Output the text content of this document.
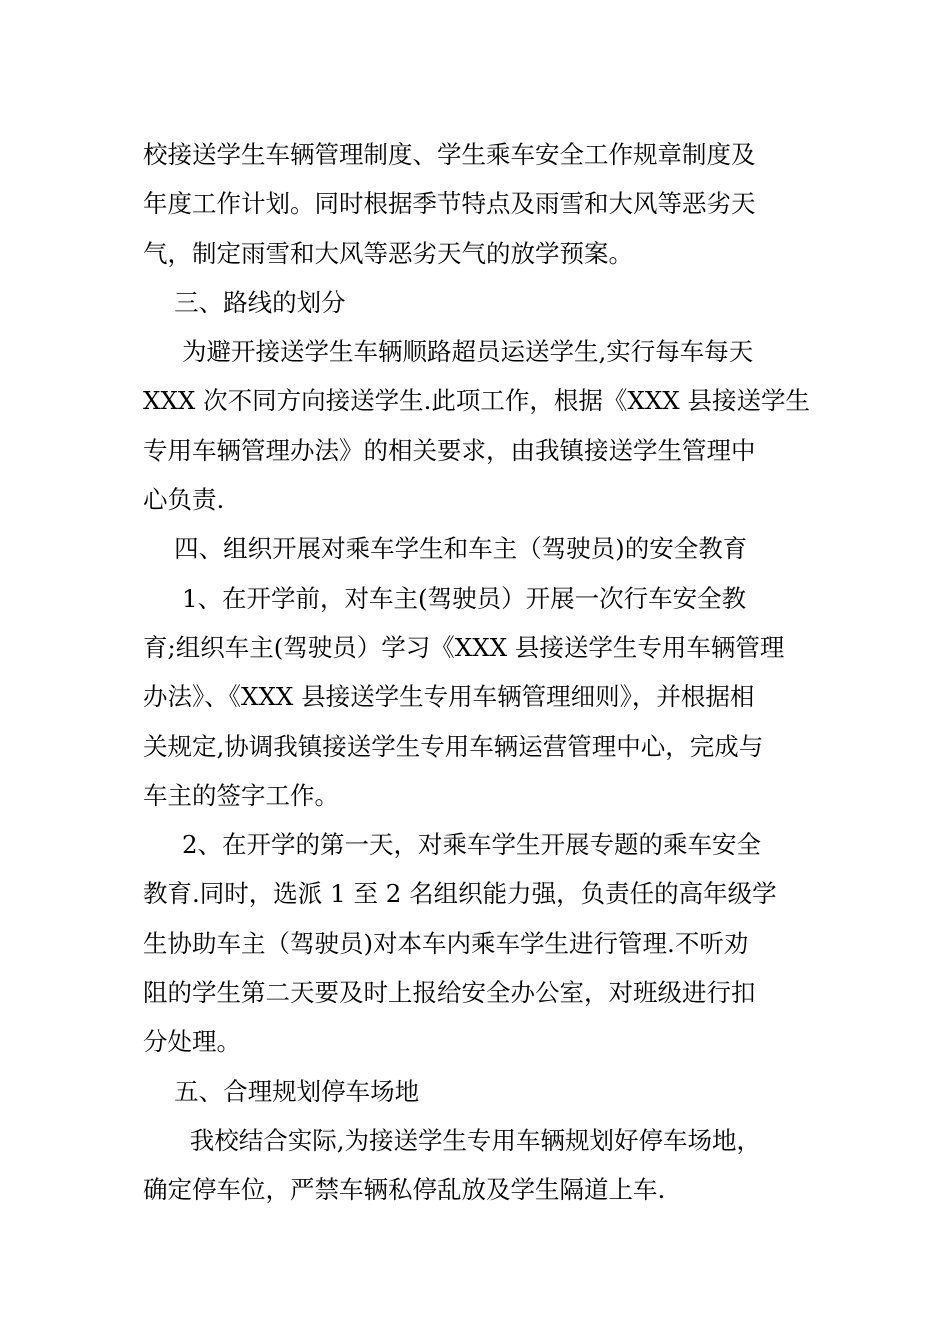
校接送学生车辆管理制度、学生乘车安全工作规章制度及

年度工作计划。同时根据季节特点及雨雪和大风等恶劣天

气，制定雨雪和大风等恶劣天气的放学预案。

三、路线的划分

为避开接送学生车辆顺路超员运送学生,实行每车每天

XXX 次不同方向接送学生.此项工作，根据《XXX 县接送学生

专用车辆管理办法》的相关要求，由我镇接送学生管理中

心负责.

四、组织开展对乘车学生和车主（驾驶员)的安全教育

1、在开学前，对车主(驾驶员）开展一次行车安全教

育;组织车主(驾驶员）学习《XXX 县接送学生专用车辆管理

办法》、《XXX 县接送学生专用车辆管理细则》，并根据相

关规定,协调我镇接送学生专用车辆运营管理中心，完成与

车主的签字工作。

2、在开学的第一天，对乘车学生开展专题的乘车安全

教育.同时，选派 1 至 2 名组织能力强，负责任的高年级学

生协助车主（驾驶员)对本车内乘车学生进行管理.不听劝

阻的学生第二天要及时上报给安全办公室，对班级进行扣

分处理。

五、合理规划停车场地

我校结合实际,为接送学生专用车辆规划好停车场地，

确定停车位，严禁车辆私停乱放及学生隔道上车.
